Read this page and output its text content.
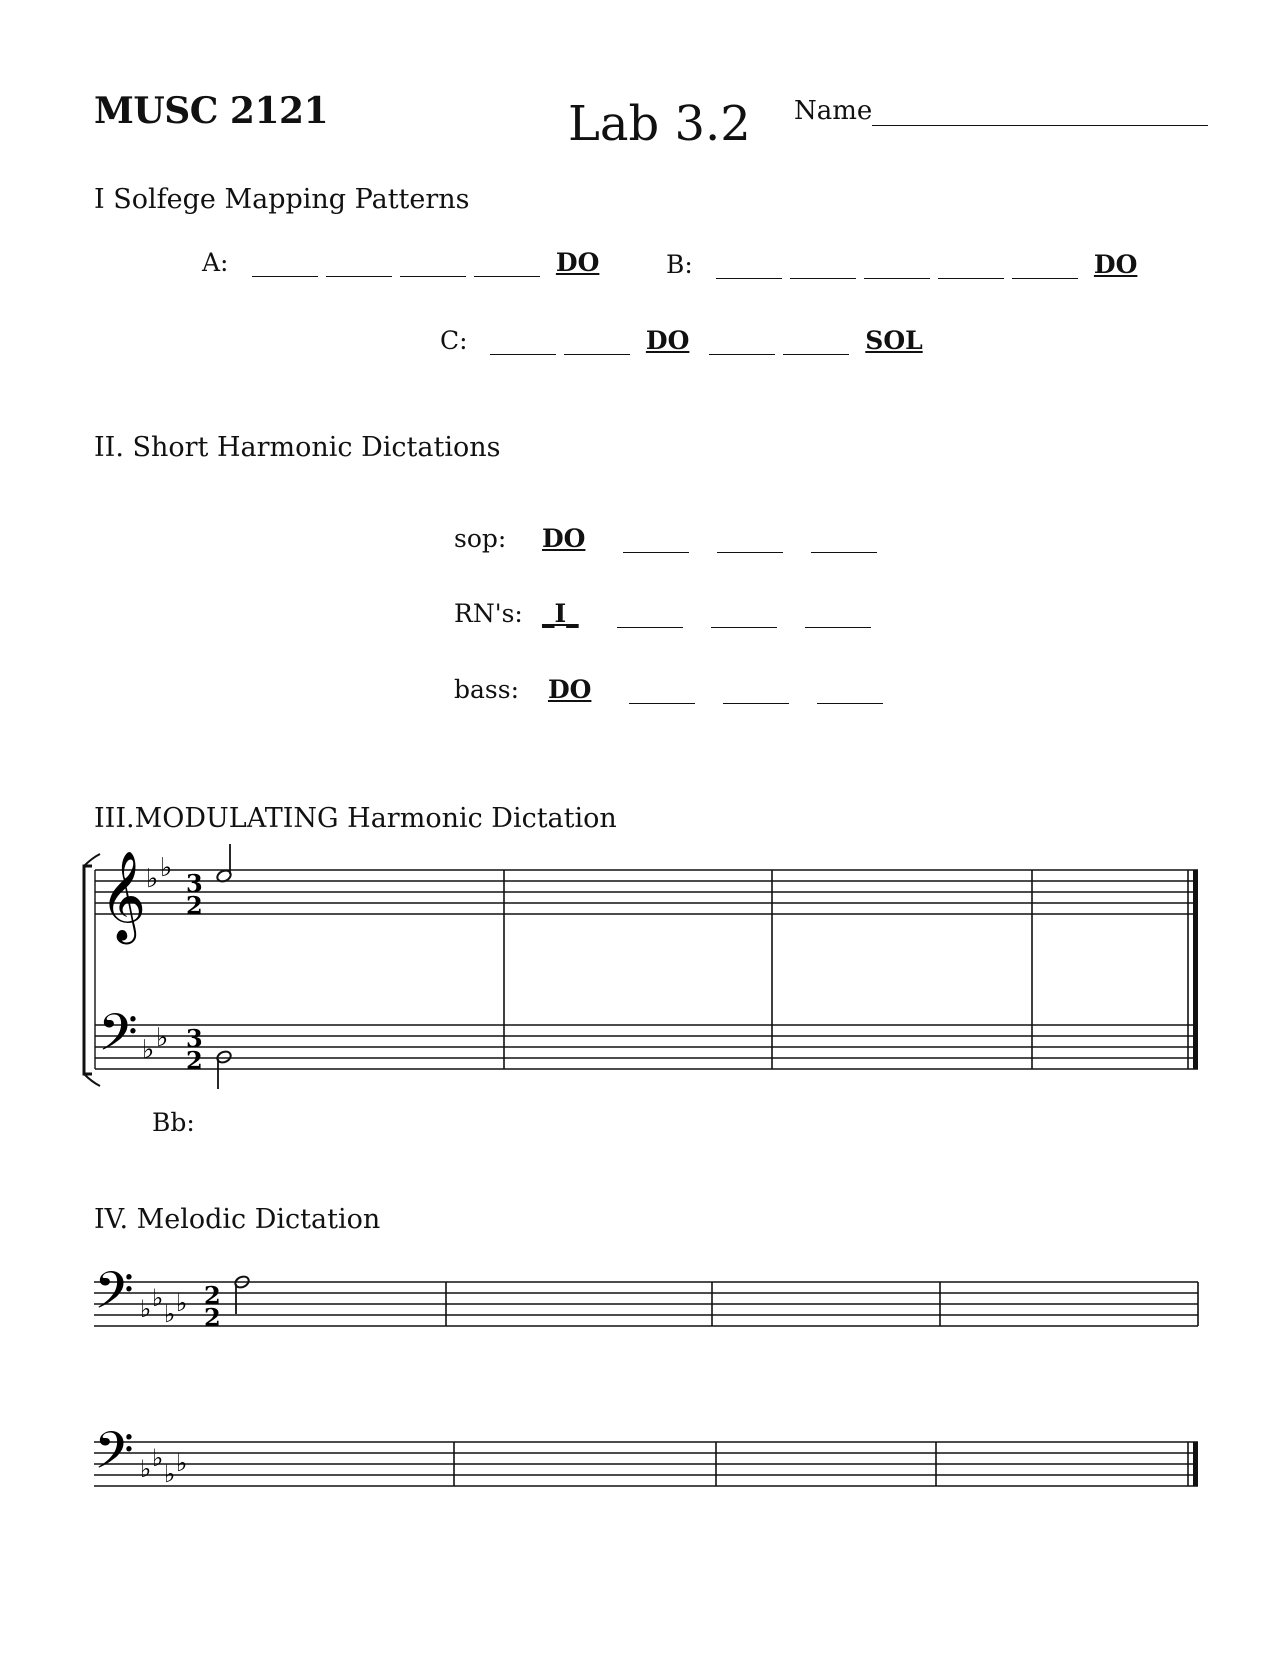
MUSC 2121	Lab 3.2 Name
I Solfege Mapping Patterns
A:	DO	B:	DO
C:	DO	SOL
II. Short Harmonic Dictations
sop: DO
RN's: _I_
bass: DO
III.MODULATING Harmonic Dictation
𝄞 ♭ ♭
3
2
𝄢 ♭ ♭ 3
2
Bb:
IV. Melodic Dictation
𝄢 ♭ ♭
♭ ♭ 2
2
𝄢 ♭ ♭
♭ ♭
